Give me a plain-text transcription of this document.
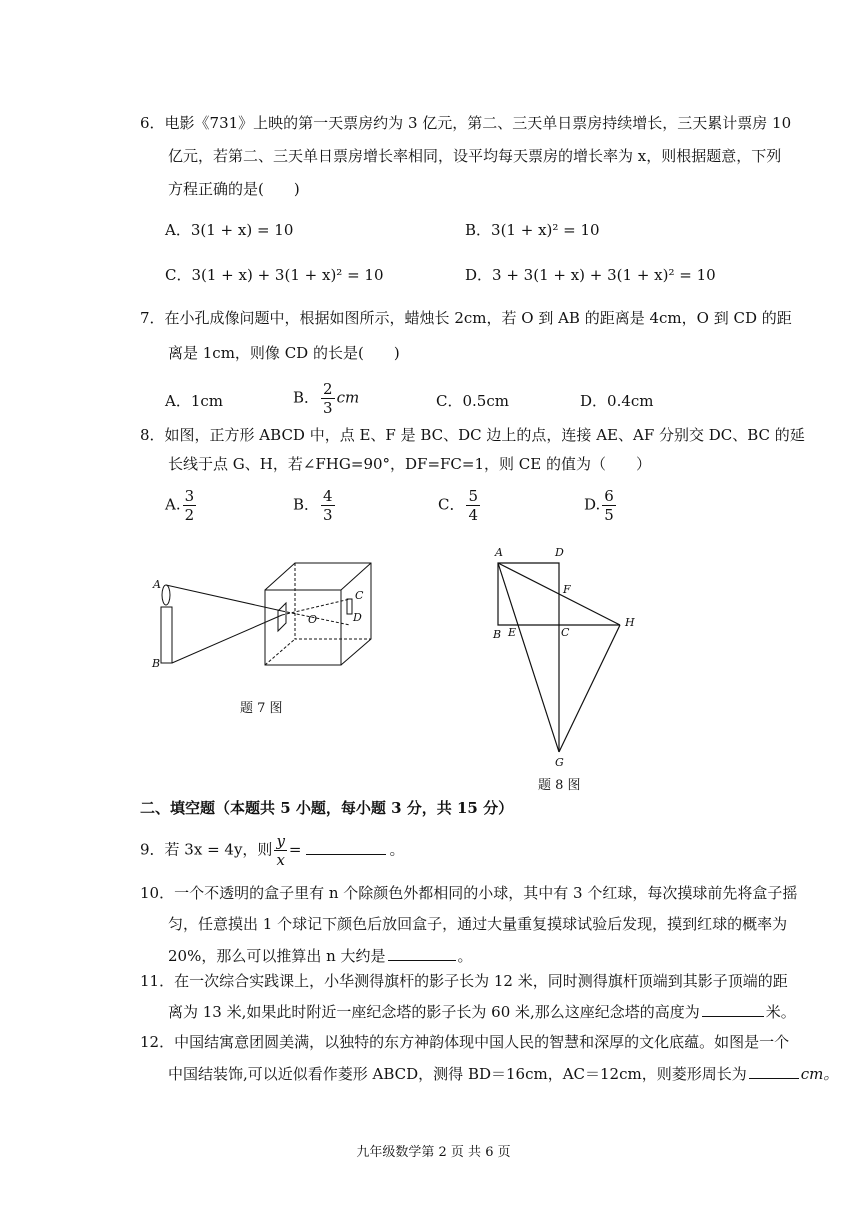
6．电影《731》上映的第一天票房约为 3 亿元，第二、三天单日票房持续增长，三天累计票房 10
亿元，若第二、三天单日票房增长率相同，设平均每天票房的增长率为 x，则根据题意，下列
方程正确的是(　　)
A．3(1 + x) = 10	B．3(1 + x)² = 10
C．3(1 + x) + 3(1 + x)² = 10	D．3 + 3(1 + x) + 3(1 + x)² = 10
7．在小孔成像问题中，根据如图所示，蜡烛长 2cm，若 O 到 AB 的距离是 4cm，O 到 CD 的距
离是 1cm，则像 CD 的长是(　　)
A．1cm	B． $\frac{2}{3}$ cm	C．0.5cm	D．0.4cm
8．如图，正方形 ABCD 中，点 E、F 是 BC、DC 边上的点，连接 AE、AF 分别交 DC、BC 的延
长线于点 G、H，若∠FHG=90°，DF=FC=1，则 CE 的值为（　　）
A. $\frac{3}{2}$	B． $\frac{4}{3}$	C． $\frac{5}{4}$	D. $\frac{6}{5}$
A
B
C
D
O
题 7 图
A	D
F
B E	C
H
G
题 8 图
二、填空题（本题共 5 小题，每小题 3 分，共 15 分）
9．若 3x = 4y，则 $\frac{y}{x}$ =	。
10．一个不透明的盒子里有 n 个除颜色外都相同的小球，其中有 3 个红球，每次摸球前先将盒子摇
匀，任意摸出 1 个球记下颜色后放回盒子，通过大量重复摸球试验后发现，摸到红球的概率为
20%，那么可以推算出 n 大约是	。
11．在一次综合实践课上，小华测得旗杆的影子长为 12 米，同时测得旗杆顶端到其影子顶端的距
离为 13 米,如果此时附近一座纪念塔的影子长为 60 米,那么这座纪念塔的高度为	米。
12．中国结寓意团圆美满，以独特的东方神韵体现中国人民的智慧和深厚的文化底蕴。如图是一个
中国结装饰,可以近似看作菱形 ABCD，测得 BD＝16cm，AC＝12cm，则菱形周长为	cm。
九年级数学第 2 页 共 6 页
